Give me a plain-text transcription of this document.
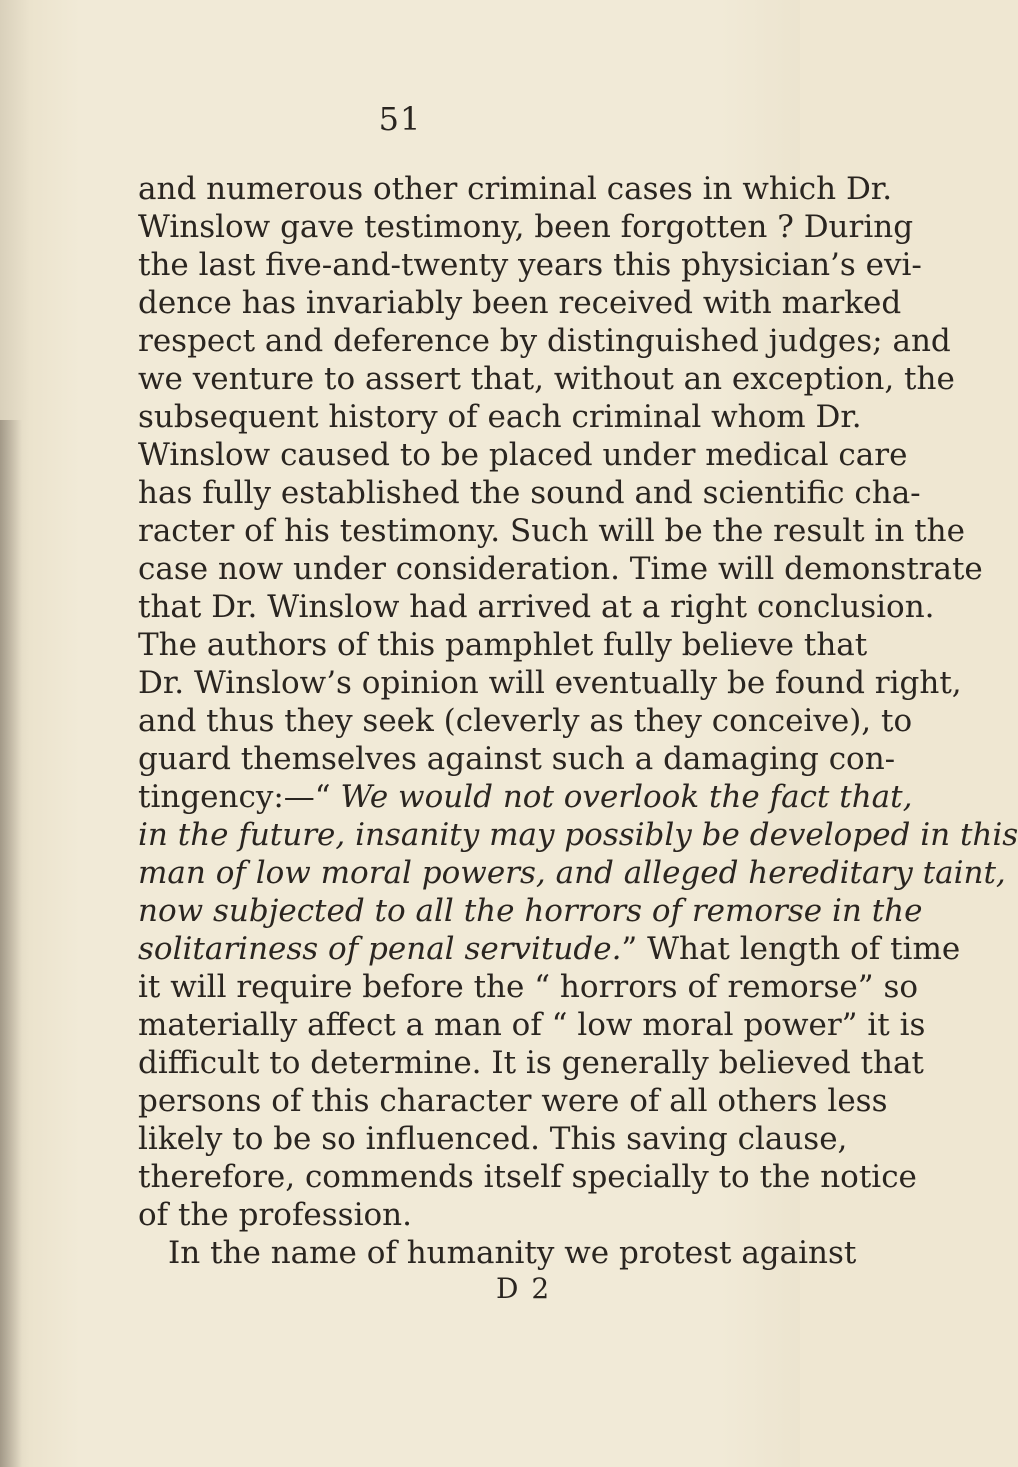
51
and numerous other criminal cases in which Dr.
Winslow gave testimony, been forgotten ? During
the last five-and-twenty years this physician’s evi-
dence has invariably been received with marked
respect and deference by distinguished judges; and
we venture to assert that, without an exception, the
subsequent history of each criminal whom Dr.
Winslow caused to be placed under medical care
has fully established the sound and scientific cha-
racter of his testimony. Such will be the result in the
case now under consideration. Time will demonstrate
that Dr. Winslow had arrived at a right conclusion.
The authors of this pamphlet fully believe that
Dr. Winslow’s opinion will eventually be found right,
and thus they seek (cleverly as they conceive), to
guard themselves against such a damaging con-
tingency:—“ We would not overlook the fact that,
in the future, insanity may possibly be developed in this
man of low moral powers, and alleged hereditary taint,
now subjected to all the horrors of remorse in the
solitariness of penal servitude.” What length of time
it will require before the “ horrors of remorse” so
materially affect a man of “ low moral power” it is
difficult to determine. It is generally believed that
persons of this character were of all others less
likely to be so influenced. This saving clause,
therefore, commends itself specially to the notice
of the profession.
In the name of humanity we protest against
D 2
